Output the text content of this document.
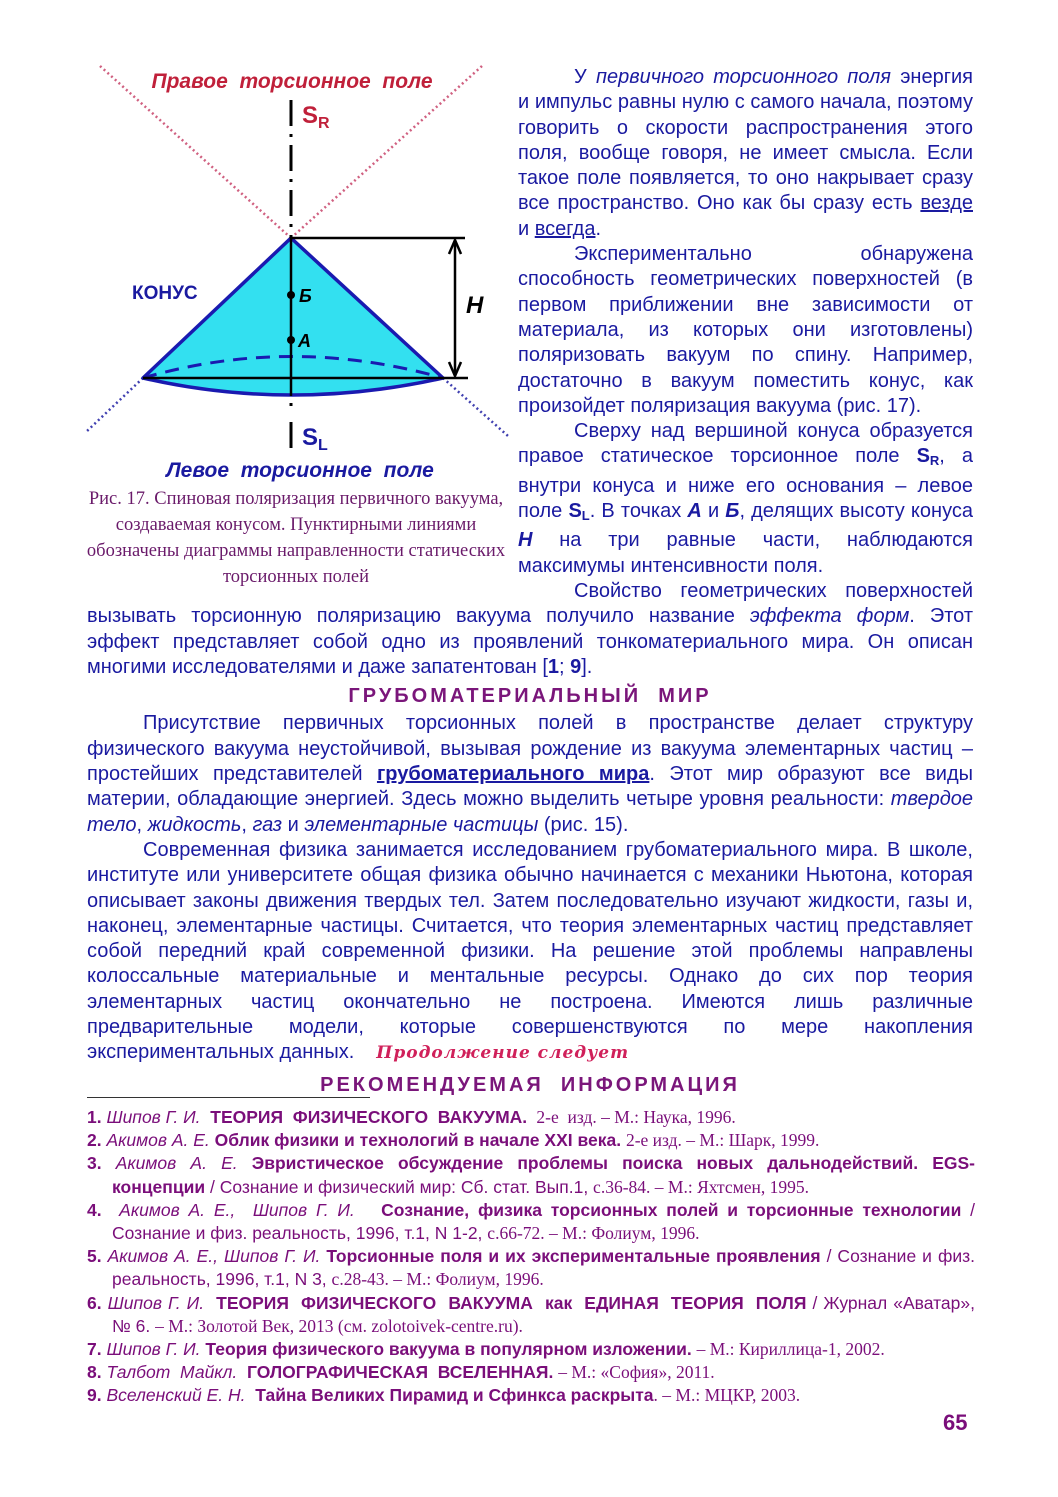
Правое  торсионное  поле
SR
SL
КОНУС	Б
А
H
Левое  торсионное  поле
Рис. 17. Спиновая поляризация первичного вакуума, создаваемая конусом. Пунктирными линиями обозначены диаграммы направленности статических торсионных полей

У первичного торсионного поля энергия и импульс равны нулю с самого начала, поэтому говорить о скорости распространения этого поля, вообще говоря, не имеет смысла. Если такое поле появляется, то оно накрывает сразу все пространство. Оно как бы сразу есть везде и всегда.

Экспериментально обнаружена способность геометрических поверхностей (в первом приближении вне зависимости от материала, из которых они изготовлены) поляризовать вакуум по спину. Например, достаточно в вакуум поместить конус, как произойдет поляризация вакуума (рис. 17).

Сверху над вершиной конуса образуется правое статическое торсионное поле SR, а внутри конуса и ниже его основания – левое поле SL. В точках А и Б, делящих высоту конуса H на три равные части, наблюдаются максимумы интенсивности поля.

Свойство геометрических поверхностей вызывать торсионную поляризацию вакуума получило название эффекта форм. Этот эффект представляет собой одно из проявлений тонкоматериального мира. Он описан многими исследователями и даже запатентован [1; 9].

ГРУБОМАТЕРИАЛЬНЫЙ  МИР

Присутствие первичных торсионных полей в пространстве делает структуру физического вакуума неустойчивой, вызывая рождение из вакуума элементарных частиц – простейших представителей грубоматериального мира. Этот мир образуют все виды материи, обладающие энергией. Здесь можно выделить четыре уровня реальности: твердое тело, жидкость, газ и элементарные частицы (рис. 15).

Современная физика занимается исследованием грубоматериального мира. В школе, институте или университете общая физика обычно начинается с механики Ньютона, которая описывает законы движения твердых тел. Затем последовательно изучают жидкости, газы и, наконец, элементарные частицы. Считается, что теория элементарных частиц представляет собой передний край современной физики. На решение этой проблемы направлены колоссальные материальные и ментальные ресурсы. Однако до сих пор теория элементарных частиц окончательно не построена. Имеются лишь различные предварительные модели, которые совершенствуются по мере накопления экспериментальных данных. Продолжение следует

РЕКОМЕНДУЕМАЯ  ИНФОРМАЦИЯ

1. Шипов Г. И.  ТЕОРИЯ  ФИЗИЧЕСКОГО  ВАКУУМА.  2-е  изд. – М.: Наука, 1996.

2. Акимов А. Е. Облик физики и технологий в начале XXI века. 2-е изд. – М.: Шарк, 1999.

3. Акимов А. Е. Эвристическое обсуждение проблемы поиска новых дальнодействий. EGS-концепции / Сознание и физический мир: Сб. стат. Вып.1, с.36-84. – М.: Яхтсмен, 1995.

4.  Акимов А. Е.,  Шипов Г. И.   Сознание, физика торсионных полей и торсионные технологии / Сознание и физ. реальность, 1996, т.1, N 1-2, с.66-72. – М.: Фолиум, 1996.

5. Акимов А. Е., Шипов Г. И. Торсионные поля и их экспериментальные проявления / Сознание и физ. реальность, 1996, т.1, N 3, с.28-43. – М.: Фолиум, 1996.

6. Шипов Г. И.  ТЕОРИЯ  ФИЗИЧЕСКОГО  ВАКУУМА  как  ЕДИНАЯ  ТЕОРИЯ  ПОЛЯ / Журнал «Аватар»,  № 6. – М.: Золотой Век, 2013 (см. zolotoivek-centre.ru).

7. Шипов Г. И. Теория физического вакуума в популярном изложении. – М.: Кириллица-1, 2002.

8. Талбот  Майкл.  ГОЛОГРАФИЧЕСКАЯ  ВСЕЛЕННАЯ. – М.: «София», 2011.

9. Вселенский Е. Н.  Тайна Великих Пирамид и Сфинкса раскрыта. – М.: МЦКР, 2003.

65
